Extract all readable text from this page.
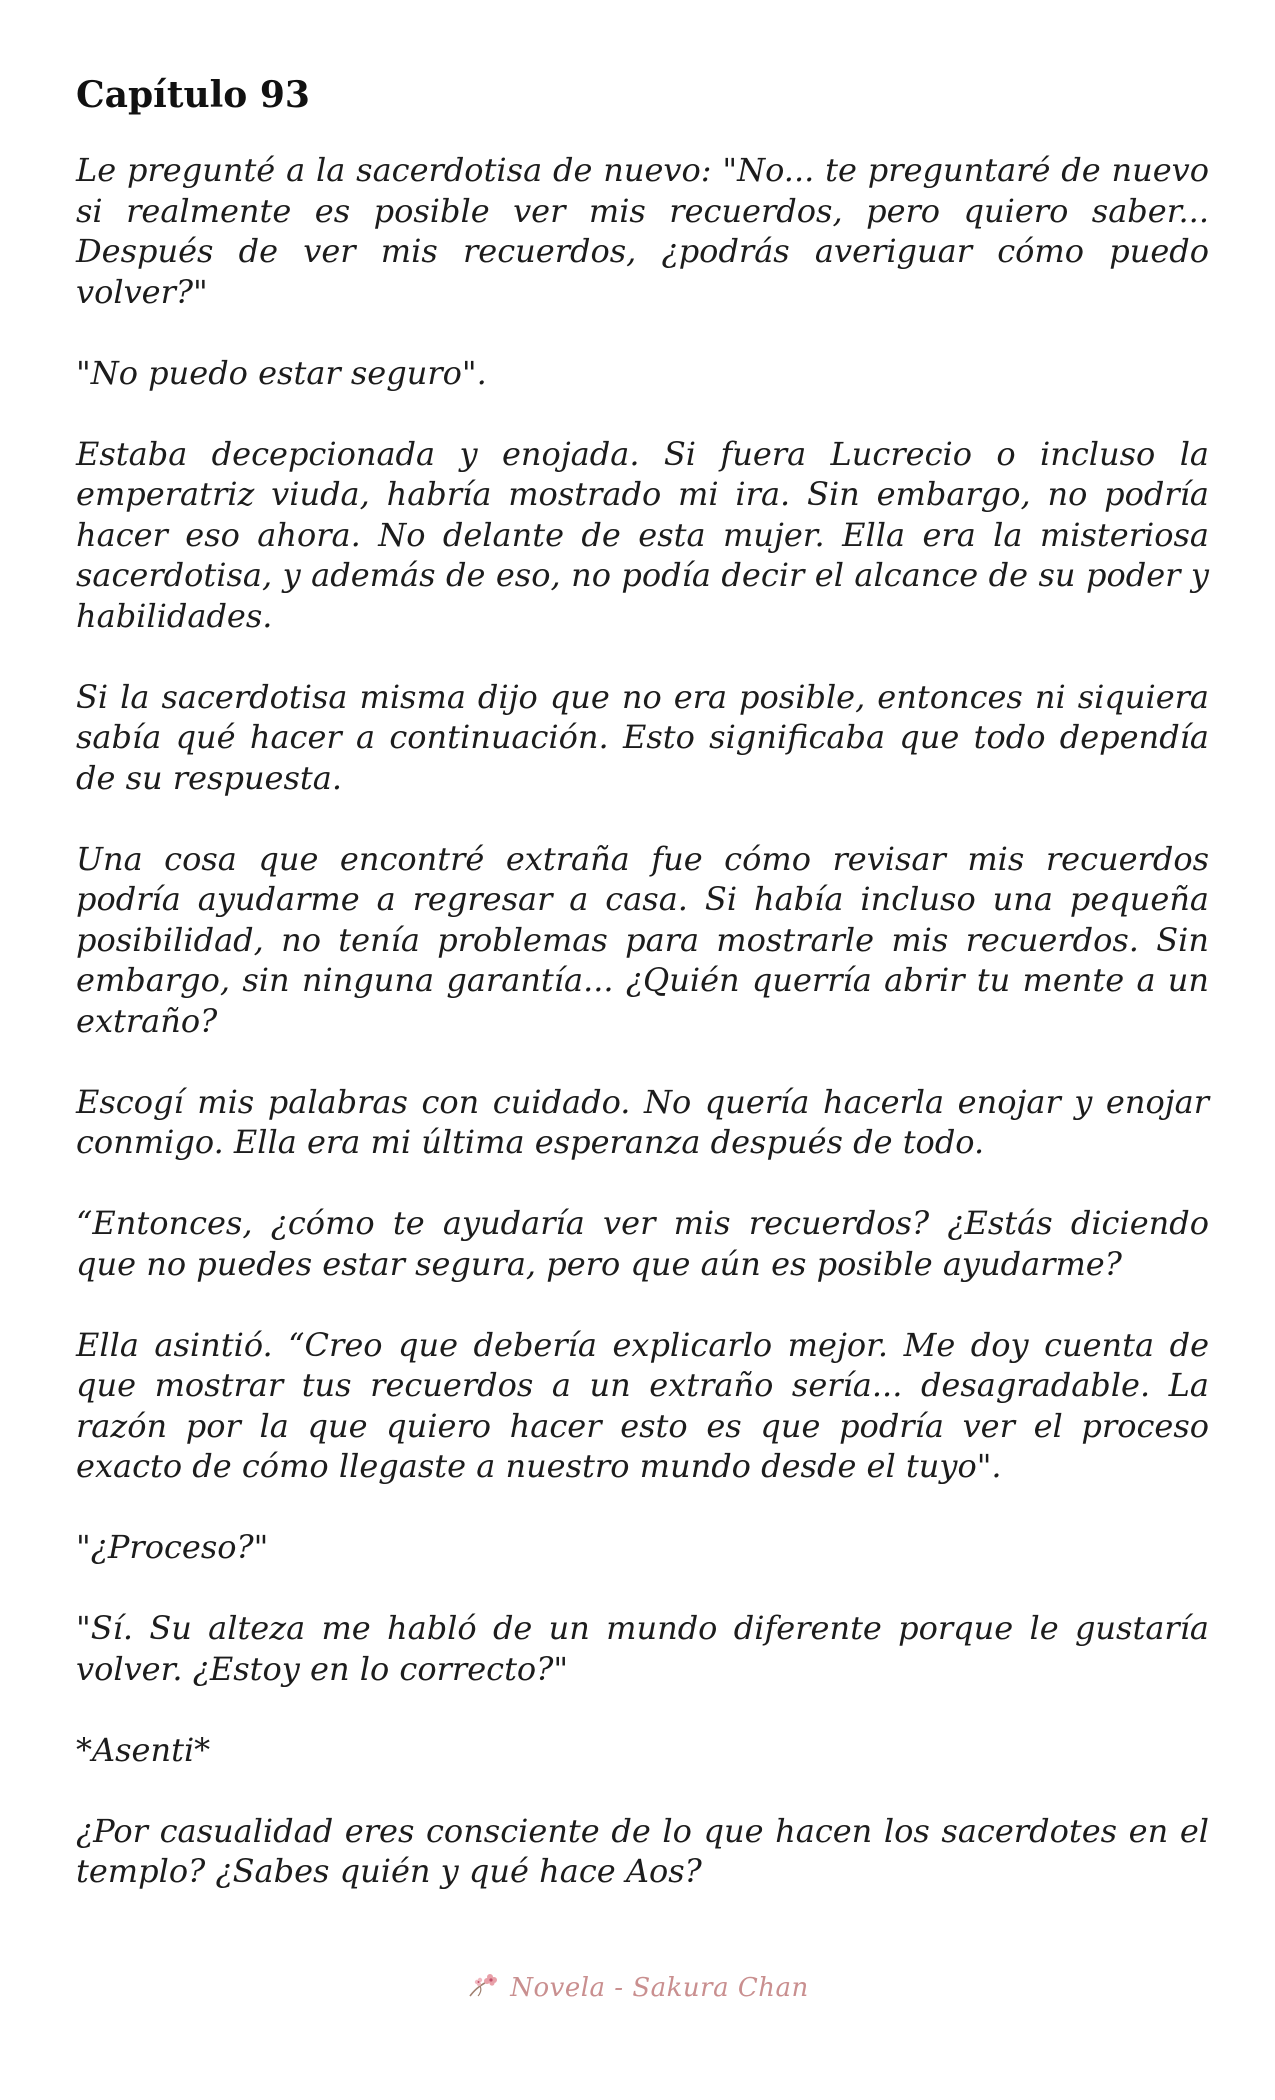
Capítulo 93

Le pregunté a la sacerdotisa de nuevo: "No... te preguntaré de nuevo si realmente es posible ver mis recuerdos, pero quiero saber... Después de ver mis recuerdos, ¿podrás averiguar cómo puedo volver?"

"No puedo estar seguro".

Estaba decepcionada y enojada. Si fuera Lucrecio o incluso la emperatriz viuda, habría mostrado mi ira. Sin embargo, no podría hacer eso ahora. No delante de esta mujer. Ella era la misteriosa sacerdotisa, y además de eso, no podía decir el alcance de su poder y habilidades.

Si la sacerdotisa misma dijo que no era posible, entonces ni siquiera sabía qué hacer a continuación. Esto significaba que todo dependía de su respuesta.

Una cosa que encontré extraña fue cómo revisar mis recuerdos podría ayudarme a regresar a casa. Si había incluso una pequeña posibilidad, no tenía problemas para mostrarle mis recuerdos. Sin embargo, sin ninguna garantía... ¿Quién querría abrir tu mente a un extraño?

Escogí mis palabras con cuidado. No quería hacerla enojar y enojar conmigo. Ella era mi última esperanza después de todo.

“Entonces, ¿cómo te ayudaría ver mis recuerdos? ¿Estás diciendo que no puedes estar segura, pero que aún es posible ayudarme?

Ella asintió. “Creo que debería explicarlo mejor. Me doy cuenta de que mostrar tus recuerdos a un extraño sería... desagradable. La razón por la que quiero hacer esto es que podría ver el proceso exacto de cómo llegaste a nuestro mundo desde el tuyo".

"¿Proceso?"

"Sí. Su alteza me habló de un mundo diferente porque le gustaría volver. ¿Estoy en lo correcto?"

*Asenti*

¿Por casualidad eres consciente de lo que hacen los sacerdotes en el templo? ¿Sabes quién y qué hace Aos?

Novela - Sakura Chan
